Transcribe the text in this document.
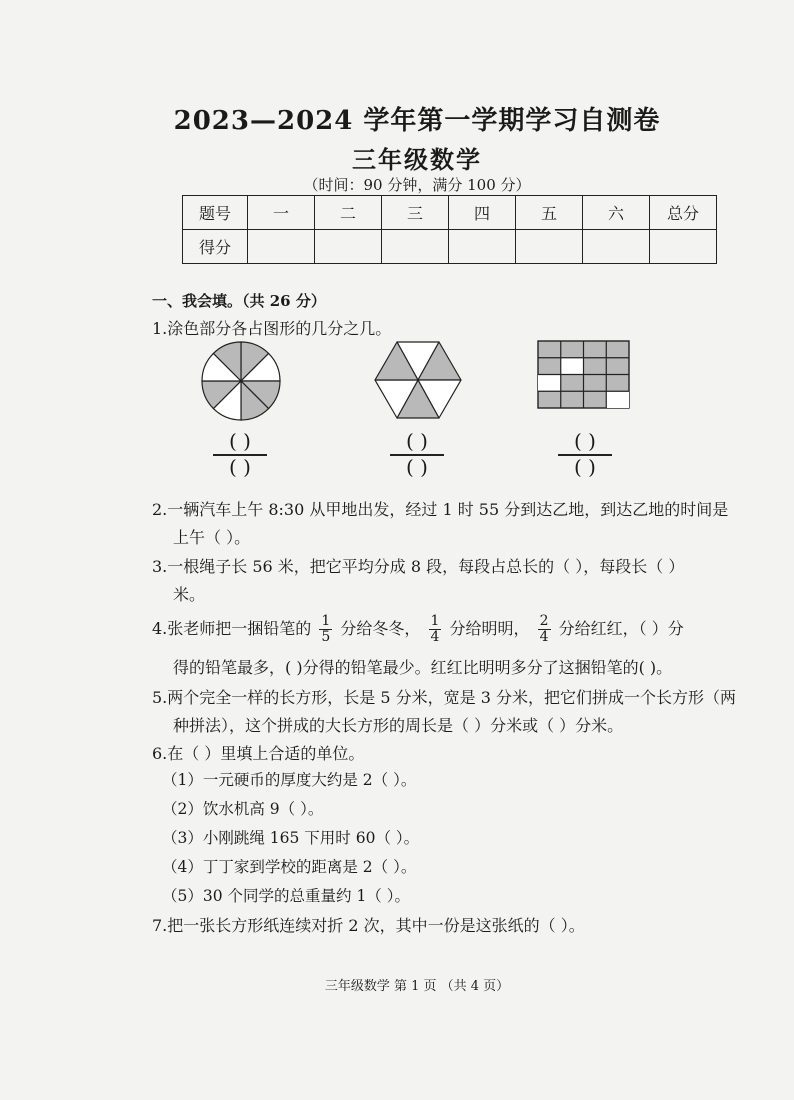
2023—2024 学年第一学期学习自测卷
三年级数学
（时间：90 分钟，满分 100 分）
题号	一	二	三	四	五	六	总分
得分							
一、我会填。（共 26 分）
1.涂色部分各占图形的几分之几。
( )
( )
( )
( )
( )
( )
2.一辆汽车上午 8:30 从甲地出发，经过 1 时 55 分到达乙地，到达乙地的时间是
上午（ ）。
3.一根绳子长 56 米，把它平均分成 8 段，每段占总长的（ ），每段长（ ）
米。
4.张老师把一捆铅笔的 $\frac{1}{5}$ 分给冬冬， $\frac{1}{4}$ 分给明明， $\frac{2}{4}$ 分给红红，（ ）分
得的铅笔最多，( )分得的铅笔最少。红红比明明多分了这捆铅笔的( )。
5.两个完全一样的长方形，长是 5 分米，宽是 3 分米，把它们拼成一个长方形（两
种拼法），这个拼成的大长方形的周长是（ ）分米或（ ）分米。
6.在（ ）里填上合适的单位。
（1）一元硬币的厚度大约是 2（ ）。
（2）饮水机高 9（ ）。
（3）小刚跳绳 165 下用时 60（ ）。
（4）丁丁家到学校的距离是 2（ ）。
（5）30 个同学的总重量约 1（ ）。
7.把一张长方形纸连续对折 2 次，其中一份是这张纸的（ ）。
三年级数学 第 1 页 （共 4 页）
